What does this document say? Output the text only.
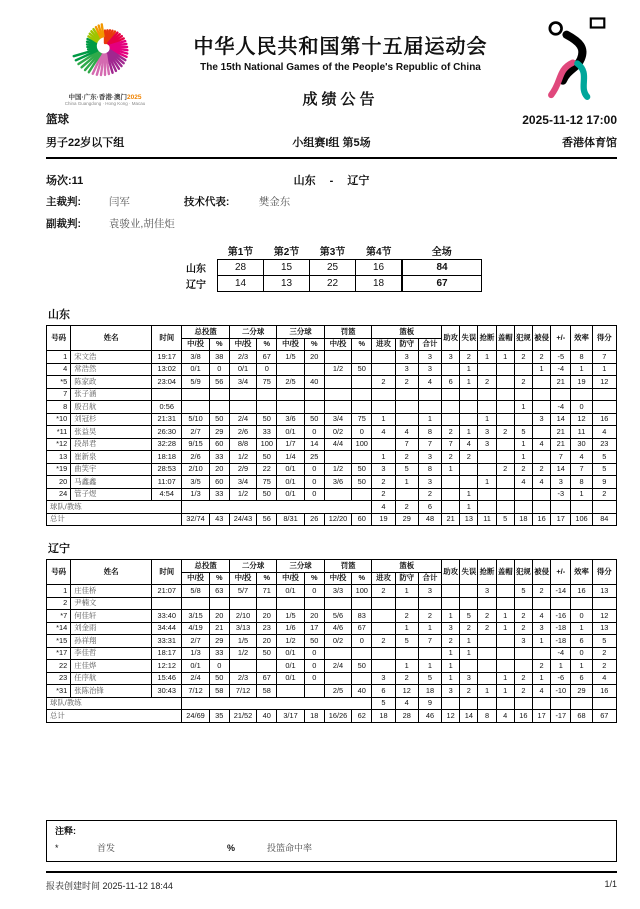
中国·广东·香港·澳门2025
China Guangdong · Hong Kong · Macau
中华人民共和国第十五届运动会
The 15th National Games of the People's Republic of China
成绩公告
篮球	2025-11-12 17:00
男子22岁以下组	小组赛I组 第5场	香港体育馆
场次:11	山东 - 辽宁
主裁判:	闫军	技术代表:	樊金东
副裁判:	袁骏业,胡佳炬
	第1节	第2节	第3节	第4节	全场
山东	28	15	25	16	84
辽宁	14	13	22	18	67
山东
号码	姓名	时间	总投篮		二分球		三分球		罚篮		篮板			助攻	失误	抢断	盖帽	犯规	被侵	+/-	效率	得分
			中/投	%	中/投	%	中/投	%	中/投	%	进攻	防守	合计									
1	宋文浩	19:17	3/8	38	2/3	67	1/5	20				3	3	3	2	1	1	2	2	-5	8	7
4	常浩然	13:02	0/1	0	0/1	0			1/2	50		3	3		1				1	-4	1	1
*5	陈家政	23:04	5/9	56	3/4	75	2/5	40			2	2	4	6	1	2		2		21	19	12
7	张子涵																					
8	殷召航	0:56																1		-4	0	
*10	刘冠杉	21:31	5/10	50	2/4	50	3/6	50	3/4	75	1		1			1			3	14	12	16
*11	张益旲	26:30	2/7	29	2/6	33	0/1	0	0/2	0	4	4	8	2	1	3	2	5		21	11	4
*12	段昂君	32:28	9/15	60	8/8	100	1/7	14	4/4	100		7	7	7	4	3		1	4	21	30	23
13	崔新泉	18:18	2/6	33	1/2	50	1/4	25			1	2	3	2	2			1		7	4	5
*19	曲笑宇	28:53	2/10	20	2/9	22	0/1	0	1/2	50	3	5	8	1			2	2	2	14	7	5
20	马鑫鑫	11:07	3/5	60	3/4	75	0/1	0	3/6	50	2	1	3			1		4	4	3	8	9
24	管子煜	4:54	1/3	33	1/2	50	0/1	0			2		2		1					-3	1	2
球队/教练											4	2	6		1							
总计			32/74	43	24/43	56	8/31	26	12/20	60	19	29	48	21	13	11	5	18	16	17	106	84
辽宁
号码	姓名	时间	总投篮		二分球		三分球		罚篮		篮板			助攻	失误	抢断	盖帽	犯规	被侵	+/-	效率	得分
			中/投	%	中/投	%	中/投	%	中/投	%	进攻	防守	合计									
1	庄佳桥	21:07	5/8	63	5/7	71	0/1	0	3/3	100	2	1	3			3		5	2	-14	16	13
2	尹楠文																					
*7	何佳轩	33:40	3/15	20	2/10	20	1/5	20	5/6	83		2	2	1	5	2	1	2	4	-16	0	12
*14	刘金雨	34:44	4/19	21	3/13	23	1/6	17	4/6	67		1	1	3	2	2	1	2	3	-18	1	13
*15	孙祥翔	33:31	2/7	29	1/5	20	1/2	50	0/2	0	2	5	7	2	1			3	1	-18	6	5
*17	李佳哲	18:17	1/3	33	1/2	50	0/1	0						1	1					-4	0	2
22	庄佳烨	12:12	0/1	0			0/1	0	2/4	50		1	1	1					2	1	1	2
23	任序航	15:46	2/4	50	2/3	67	0/1	0			3	2	5	1	3		1	2	1	-6	6	4
*31	张陈治锋	30:43	7/12	58	7/12	58			2/5	40	6	12	18	3	2	1	1	2	4	-10	29	16
球队/教练											5	4	9									
总计			24/69	35	21/52	40	3/17	18	16/26	62	18	28	46	12	14	8	4	16	17	-17	68	67
注释:
*	首发	%	投篮命中率
报表创建时间 2025-11-12 18:44	1/1
